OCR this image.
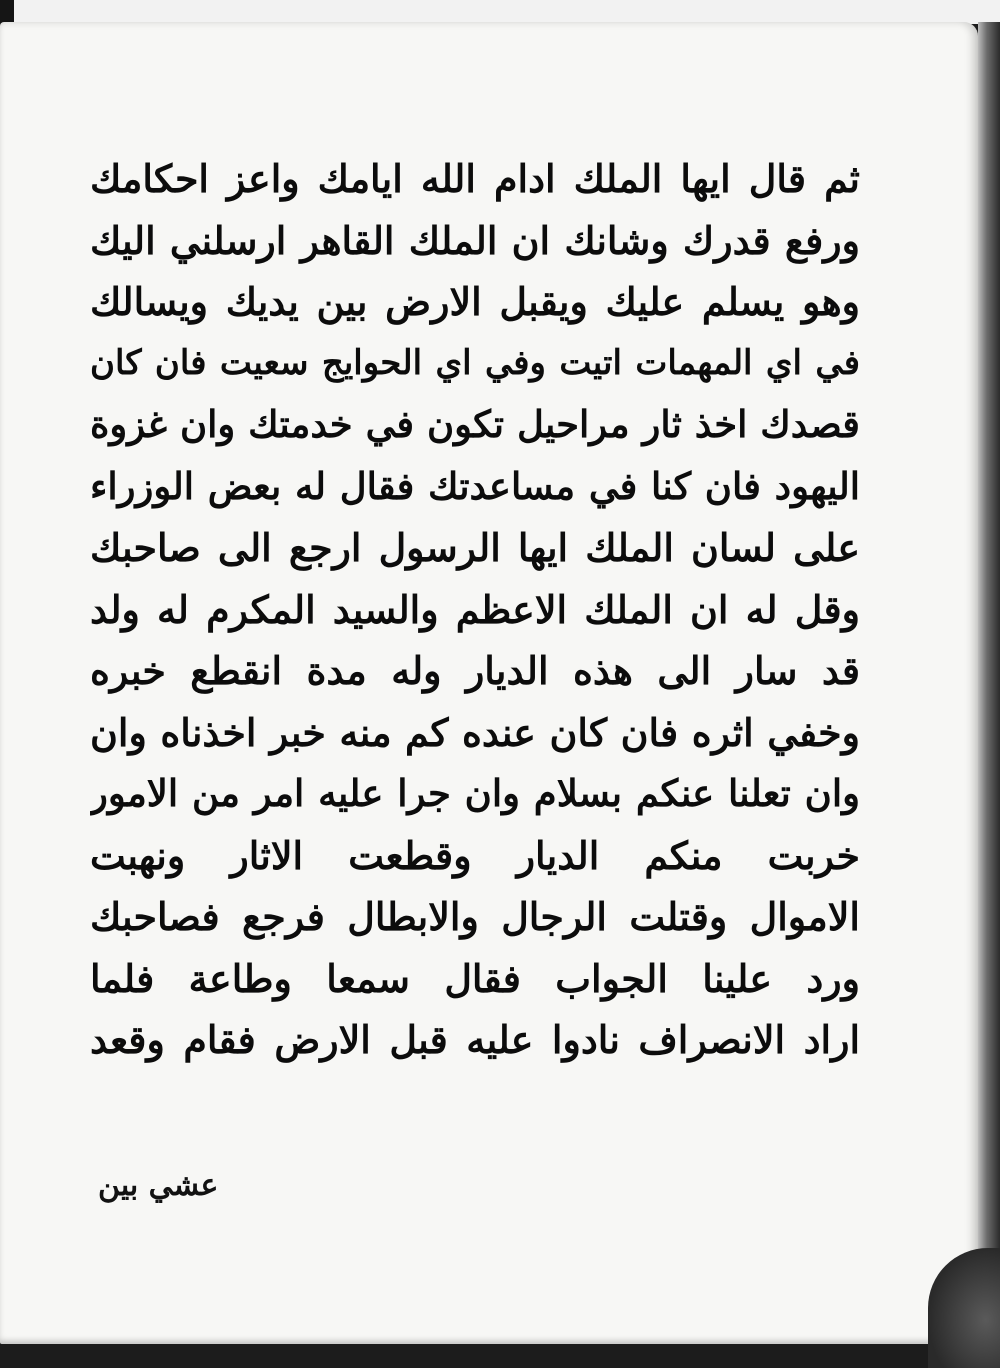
ثم قال ايها الملك ادام الله ايامك واعز احكامك
ورفع قدرك وشانك ان الملك القاهر ارسلني اليك
وهو يسلم عليك ويقبل الارض بين يديك ويسالك
في اي المهمات اتيت وفي اي الحوايج سعيت فان كان
قصدك اخذ ثار مراحيل تكون في خدمتك وان غزوة
اليهود فان كنا في مساعدتك فقال له بعض الوزراء
على لسان الملك ايها الرسول ارجع الى صاحبك
وقل له ان الملك الاعظم والسيد المكرم له ولد
قد سار الى هذه الديار وله مدة انقطع خبره
وخفي اثره فان كان عنده كم منه خبر اخذناه وان
وان تعلنا عنكم بسلام وان جرا عليه امر من الامور
خربت منكم الديار وقطعت الاثار ونهبت
الاموال وقتلت الرجال والابطال فرجع فصاحبك
ورد علينا الجواب فقال سمعا وطاعة فلما
اراد الانصراف نادوا عليه قبل الارض فقام وقعد
عشي بين
